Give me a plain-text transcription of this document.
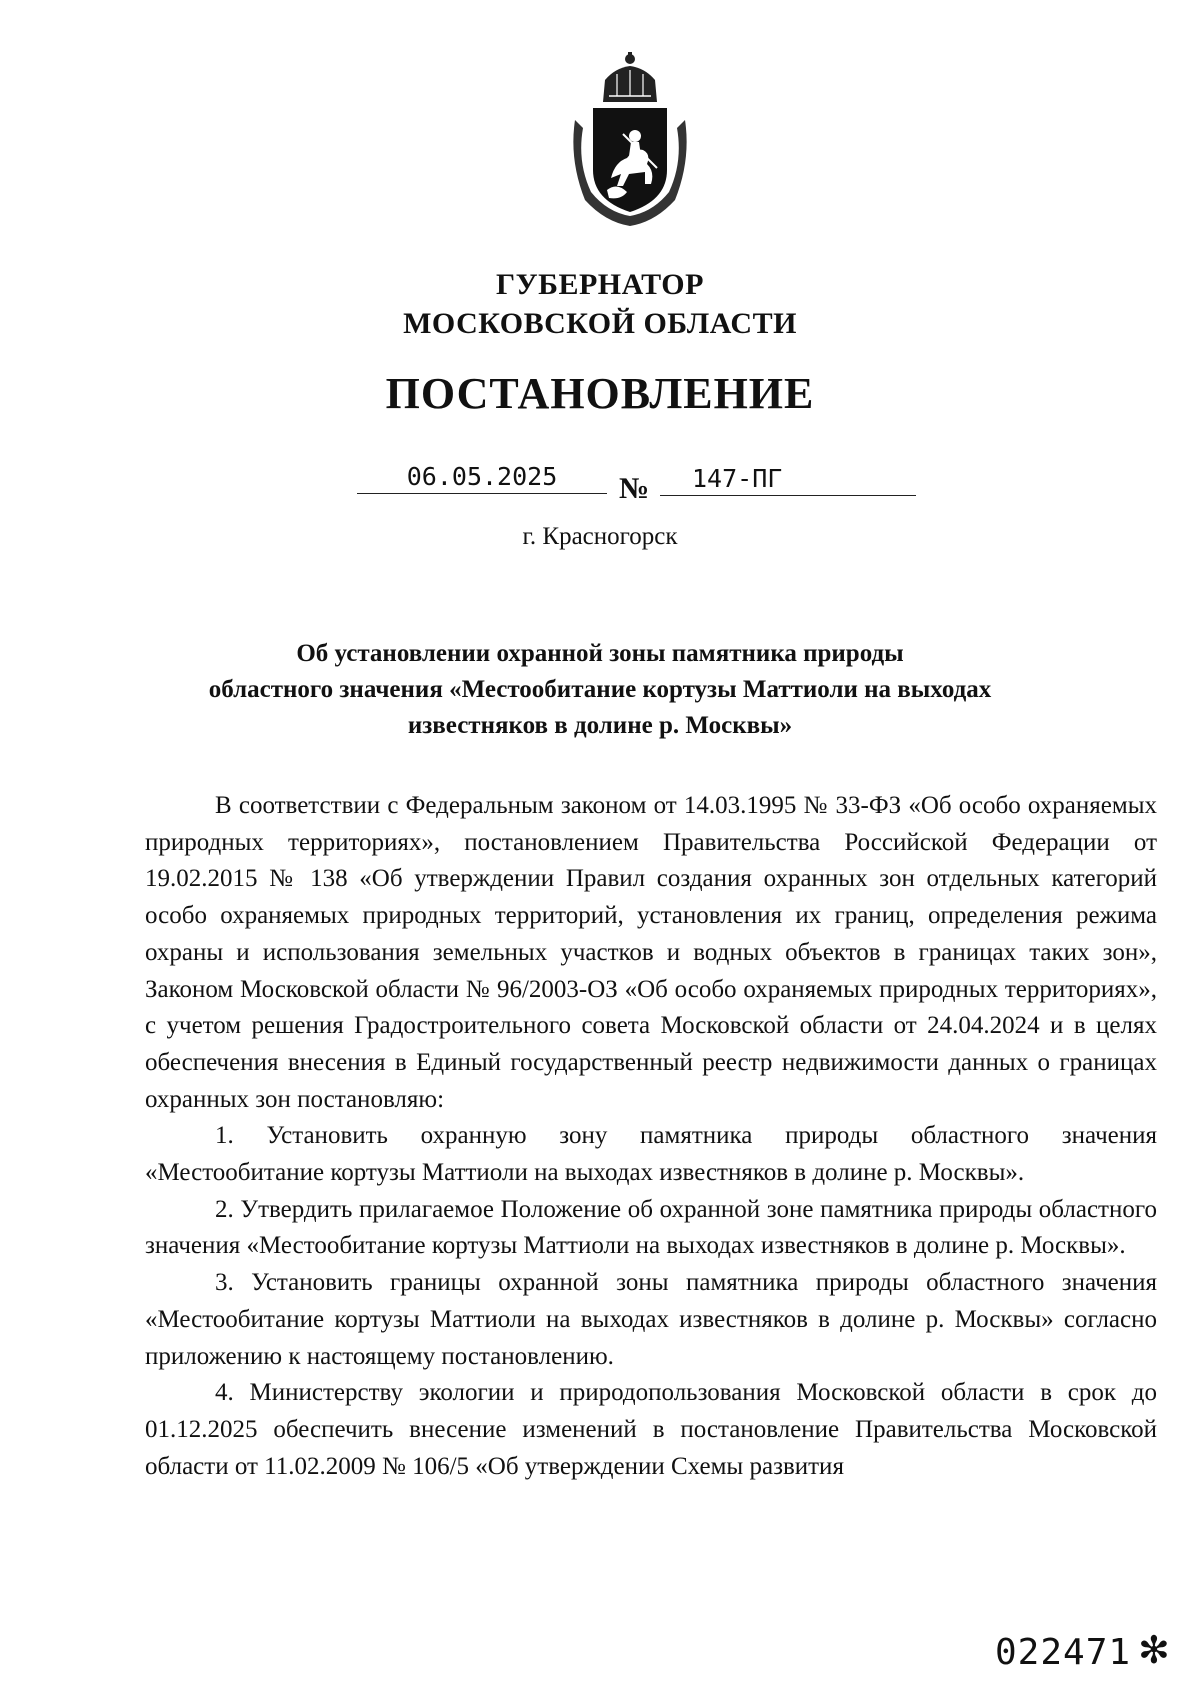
ГУБЕРНАТОР
МОСКОВСКОЙ ОБЛАСТИ
ПОСТАНОВЛЕНИЕ
06.05.2025	№	147-ПГ
г. Красногорск
Об установлении охранной зоны памятника природы
областного значения «Местообитание кортузы Маттиоли на выходах
известняков в долине р. Москвы»

В соответствии с Федеральным законом от 14.03.1995 № 33-ФЗ «Об особо охраняемых природных территориях», постановлением Правительства Российской Федерации от 19.02.2015 № 138 «Об утверждении Правил создания охранных зон отдельных категорий особо охраняемых природных территорий, установления их границ, определения режима охраны и использования земельных участков и водных объектов в границах таких зон», Законом Московской области № 96/2003-ОЗ «Об особо охраняемых природных территориях», с учетом решения Градостроительного совета Московской области от 24.04.2024 и в целях обеспечения внесения в Единый государственный реестр недвижимости данных о границах охранных зон постановляю:

1. Установить охранную зону памятника природы областного значения «Местообитание кортузы Маттиоли на выходах известняков в долине р. Москвы».

2. Утвердить прилагаемое Положение об охранной зоне памятника природы областного значения «Местообитание кортузы Маттиоли на выходах известняков в долине р. Москвы».

3. Установить границы охранной зоны памятника природы областного значения «Местообитание кортузы Маттиоли на выходах известняков в долине р. Москвы» согласно приложению к настоящему постановлению.

4. Министерству экологии и природопользования Московской области в срок до 01.12.2025 обеспечить внесение изменений в постановление Правительства Московской области от 11.02.2009 № 106/5 «Об утверждении Схемы развития

022471 ✻
